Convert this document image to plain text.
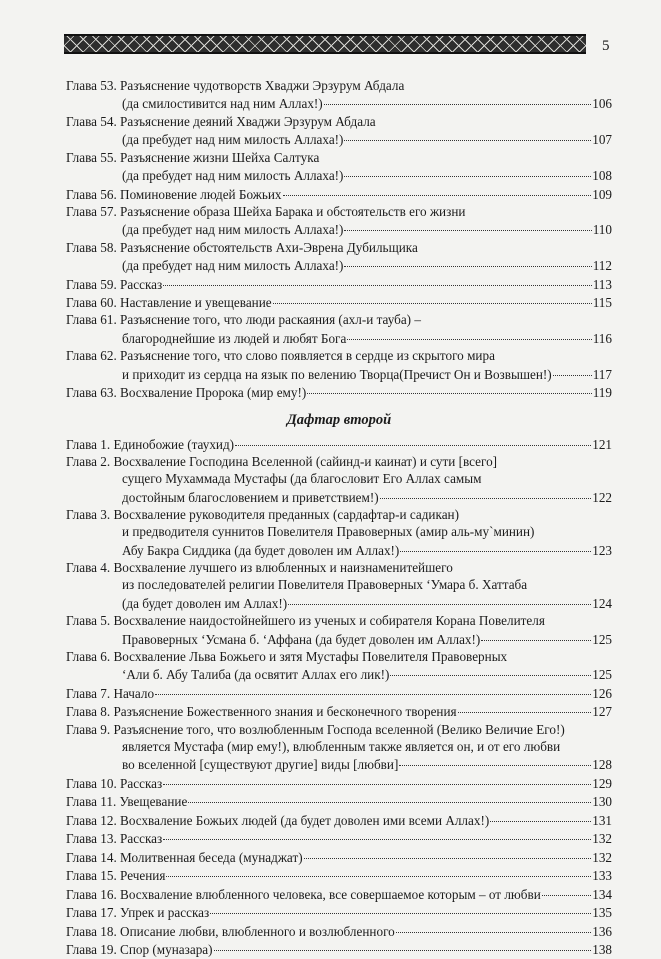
5
Глава 53. Разъяснение чудотворств Хваджи Эрзурум Абдала
(да смилостивится над ним Аллах!)	106
Глава 54. Разъяснение деяний Хваджи Эрзурум Абдала
(да пребудет над ним милость Аллаха!)	107
Глава 55. Разъяснение жизни Шейха Салтука
(да пребудет над ним милость Аллаха!)	108
Глава 56. Поминовение людей Божьих	109
Глава 57. Разъяснение образа Шейха Барака и обстоятельств его жизни
(да пребудет над ним милость Аллаха!)	110
Глава 58. Разъяснение обстоятельств Ахи-Эврена Дубильщика
(да пребудет над ним милость Аллаха!)	112
Глава 59. Рассказ	113
Глава 60. Наставление и увещевание	115
Глава 61. Разъяснение того, что люди раскаяния (ахл-и тауба) –
благороднейшие из людей и любят Бога	116
Глава 62. Разъяснение того, что слово появляется в сердце из скрытого мира
и приходит из сердца на язык по велению Творца(Пречист Он и Возвышен!)	117
Глава 63. Восхваление Пророка (мир ему!)	119
Дафтар второй
Глава 1. Единобожие (таухид)	121
Глава 2. Восхваление Господина Вселенной (сайинд-и каинат) и сути [всего]
сущего Мухаммада Мустафы (да благословит Его Аллах самым
достойным благословением и приветствием!)	122
Глава 3. Восхваление руководителя преданных (сардафтар-и садикан)
и предводителя суннитов Повелителя Правоверных (амир аль-му`минин)
Абу Бакра Сиддика (да будет доволен им Аллах!)	123
Глава 4. Восхваление лучшего из влюбленных и наизнаменитейшего
из последователей религии Повелителя Правоверных ʻУмара б. Хаттаба
(да будет доволен им Аллах!)	124
Глава 5. Восхваление наидостойнейшего из ученых и собирателя Корана Повелителя
Правоверных ʻУсмана б. ʻАффана (да будет доволен им Аллах!)	125
Глава 6. Восхваление Льва Божьего и зятя Мустафы Повелителя Правоверных
ʻАли б. Абу Талиба (да освятит Аллах его лик!)	125
Глава 7. Начало	126
Глава 8. Разъяснение Божественного знания и бесконечного творения	127
Глава 9. Разъяснение того, что возлюбленным Господа вселенной (Велико Величие Его!)
является Мустафа (мир ему!), влюбленным также является он, и от его любви
во вселенной [существуют другие] виды [любви]	128
Глава 10. Рассказ	129
Глава 11. Увещевание	130
Глава 12. Восхваление Божьих людей (да будет доволен ими всеми Аллах!)	131
Глава 13. Рассказ	132
Глава 14. Молитвенная беседа (мунаджат)	132
Глава 15. Речения	133
Глава 16. Восхваление влюбленного человека, все совершаемое которым – от любви	134
Глава 17. Упрек и рассказ	135
Глава 18. Описание любви, влюбленного и возлюбленного	136
Глава 19. Спор (муназара)	138
